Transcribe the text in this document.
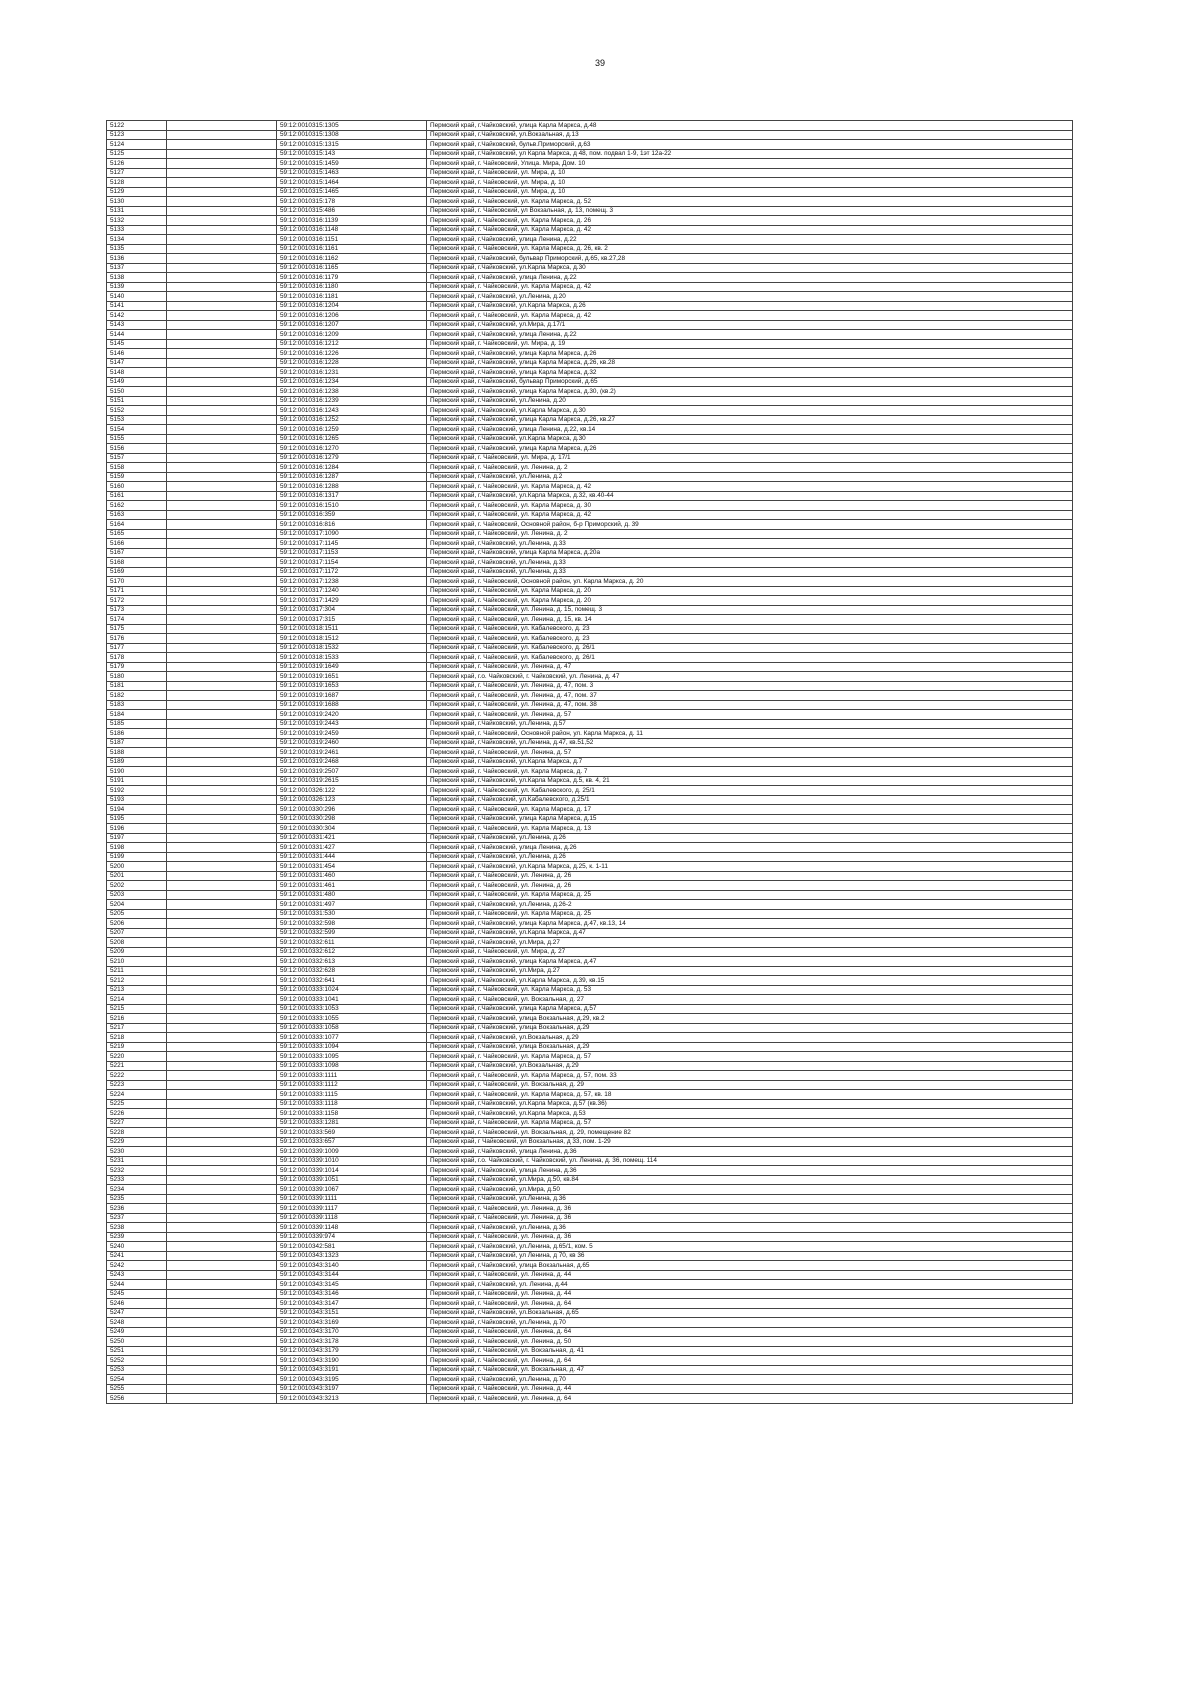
39
5122		59:12:0010315:1305	Пермский край, г.Чайковский, улица Карла Маркса, д.48
5123		59:12:0010315:1308	Пермский край, г.Чайковский, ул.Вокзальная, д.13
5124		59:12:0010315:1315	Пермский край, г.Чайковский, бульв.Приморский, д.63
5125		59:12:0010315:143	Пермский край, г.Чайковский, ул Карла Маркса, д 48, пом. подвал 1-9, 1эт 12а-22
5126		59:12:0010315:1459	Пермский край, г. Чайковский, Улица. Мира, Дом. 10
5127		59:12:0010315:1463	Пермский край, г. Чайковский, ул. Мира, д. 10
5128		59:12:0010315:1464	Пермский край, г. Чайковский, ул. Мира, д. 10
5129		59:12:0010315:1465	Пермский край, г. Чайковский, ул. Мира, д. 10
5130		59:12:0010315:178	Пермский край, г. Чайковский, ул. Карла Маркса, д. 52
5131		59:12:0010315:486	Пермский край, г. Чайковский, ул Вокзальная, д. 13, помещ. 3
5132		59:12:0010316:1139	Пермский край, г. Чайковский, ул. Карла Маркса, д. 26
5133		59:12:0010316:1148	Пермский край, г. Чайковский, ул. Карла Маркса, д. 42
5134		59:12:0010316:1151	Пермский край, г.Чайковский, улица Ленина, д.22
5135		59:12:0010316:1161	Пермский край, г. Чайковский, ул. Карла Маркса, д. 26, кв. 2
5136		59:12:0010316:1162	Пермский край, г.Чайковский, бульвар Приморский, д.65, кв.27,28
5137		59:12:0010316:1165	Пермский край, г.Чайковский, ул.Карла Маркса, д.30
5138		59:12:0010316:1179	Пермский край, г.Чайковский, улица Ленина, д.22
5139		59:12:0010316:1180	Пермский край, г. Чайковский, ул. Карла Маркса, д. 42
5140		59:12:0010316:1181	Пермский край, г.Чайковский, ул.Ленина, д.20
5141		59:12:0010316:1204	Пермский край, г.Чайковский, ул.Карла Маркса, д.26
5142		59:12:0010316:1206	Пермский край, г. Чайковский, ул. Карла Маркса, д. 42
5143		59:12:0010316:1207	Пермский край, г.Чайковский, ул.Мира, д.17/1
5144		59:12:0010316:1209	Пермский край, г.Чайковский, улица Ленина, д.22
5145		59:12:0010316:1212	Пермский край, г. Чайковский, ул. Мира, д. 19
5146		59:12:0010316:1226	Пермский край, г.Чайковский, улица Карла Маркса, д.26
5147		59:12:0010316:1228	Пермский край, г.Чайковский, улица Карла Маркса, д.26, кв.28
5148		59:12:0010316:1231	Пермский край, г.Чайковский, улица Карла Маркса, д.32
5149		59:12:0010316:1234	Пермский край, г.Чайковский, бульвар Приморский, д.65
5150		59:12:0010316:1238	Пермский край, г.Чайковский, улица Карла Маркса, д.30, (кв.2)
5151		59:12:0010316:1239	Пермский край, г.Чайковский, ул.Ленина, д.20
5152		59:12:0010316:1243	Пермский край, г.Чайковский, ул.Карла Маркса, д.30
5153		59:12:0010316:1252	Пермский край, г.Чайковский, улица Карла Маркса, д.26, кв.27
5154		59:12:0010316:1259	Пермский край, г.Чайковский, улица Ленина, д.22, кв.14
5155		59:12:0010316:1265	Пермский край, г.Чайковский, ул.Карла Маркса, д.30
5156		59:12:0010316:1270	Пермский край, г.Чайковский, улица Карла Маркса, д.26
5157		59:12:0010316:1279	Пермский край, г. Чайковский, ул. Мира, д. 17/1
5158		59:12:0010316:1284	Пермский край, г. Чайковский, ул. Ленина, д. 2
5159		59:12:0010316:1287	Пермский край, г.Чайковский, ул.Ленина, д.2
5160		59:12:0010316:1288	Пермский край, г. Чайковский, ул. Карла Маркса, д. 42
5161		59:12:0010316:1317	Пермский край, г.Чайковский, ул.Карла Маркса, д.32, кв.40-44
5162		59:12:0010316:1510	Пермский край, г. Чайковский, ул. Карла Маркса, д. 30
5163		59:12:0010316:359	Пермский край, г. Чайковский, ул. Карла Маркса, д. 42
5164		59:12:0010316:816	Пермский край, г. Чайковский, Основной район, б-р Приморский, д. 39
5165		59:12:0010317:1090	Пермский край, г. Чайковский, ул. Ленина, д. 2
5166		59:12:0010317:1145	Пермский край, г.Чайковский, ул.Ленина, д.33
5167		59:12:0010317:1153	Пермский край, г.Чайковский, улица Карла Маркса, д.20а
5168		59:12:0010317:1154	Пермский край, г.Чайковский, ул.Ленина, д.33
5169		59:12:0010317:1172	Пермский край, г.Чайковский, ул.Ленина, д.33
5170		59:12:0010317:1238	Пермский край, г. Чайковский, Основной район, ул. Карла Маркса, д. 20
5171		59:12:0010317:1240	Пермский край, г. Чайковский, ул. Карла Маркса, д. 20
5172		59:12:0010317:1429	Пермский край, г. Чайковский, ул. Карла Маркса, д. 20
5173		59:12:0010317:304	Пермский край, г. Чайковский, ул. Ленина, д. 15, помещ. 3
5174		59:12:0010317:315	Пермский край, г. Чайковский, ул. Ленина, д. 15, кв. 14
5175		59:12:0010318:1511	Пермский край, г. Чайковский, ул. Кабалевского, д. 23
5176		59:12:0010318:1512	Пермский край, г. Чайковский, ул. Кабалевского, д. 23
5177		59:12:0010318:1532	Пермский край, г. Чайковский, ул. Кабалевского, д. 26/1
5178		59:12:0010318:1533	Пермский край, г. Чайковский, ул. Кабалевского, д. 26/1
5179		59:12:0010319:1649	Пермский край, г. Чайковский, ул. Ленина, д. 47
5180		59:12:0010319:1651	Пермский край, г.о. Чайковский, г. Чайковский, ул. Ленина, д. 47
5181		59:12:0010319:1653	Пермский край, г. Чайковский, ул. Ленина, д. 47, пом. 3
5182		59:12:0010319:1687	Пермский край, г. Чайковский, ул. Ленина, д. 47, пом. 37
5183		59:12:0010319:1688	Пермский край, г. Чайковский, ул. Ленина, д. 47, пом. 38
5184		59:12:0010319:2420	Пермский край, г. Чайковский, ул. Ленина, д. 57
5185		59:12:0010319:2443	Пермский край, г.Чайковский, ул.Ленина, д.57
5186		59:12:0010319:2459	Пермский край, г. Чайковский, Основной район, ул. Карла Маркса, д. 11
5187		59:12:0010319:2460	Пермский край, г.Чайковский, ул.Ленина, д.47, кв.51,52
5188		59:12:0010319:2461	Пермский край, г. Чайковский, ул. Ленина, д. 57
5189		59:12:0010319:2468	Пермский край, г.Чайковский, ул.Карла Маркса, д.7
5190		59:12:0010319:2507	Пермский край, г. Чайковский, ул. Карла Маркса, д. 7
5191		59:12:0010319:2615	Пермский край, г.Чайковский, ул.Карла Маркса, д.5, кв. 4, 21
5192		59:12:0010326:122	Пермский край, г. Чайковский, ул. Кабалевского, д. 25/1
5193		59:12:0010326:123	Пермский край, г.Чайковский, ул.Кабалевского, д.25/1
5194		59:12:0010330:296	Пермский край, г. Чайковский, ул. Карла Маркса, д. 17
5195		59:12:0010330:298	Пермский край, г.Чайковский, улица Карла Маркса, д.15
5196		59:12:0010330:304	Пермский край, г. Чайковский, ул. Карла Маркса, д. 13
5197		59:12:0010331:421	Пермский край, г.Чайковский, ул.Ленина, д.26
5198		59:12:0010331:427	Пермский край, г.Чайковский, улица Ленина, д.26
5199		59:12:0010331:444	Пермский край, г.Чайковский, ул.Ленина, д.26
5200		59:12:0010331:454	Пермский край, г.Чайковский, ул.Карла Маркса, д.25, к. 1-11
5201		59:12:0010331:460	Пермский край, г. Чайковский, ул. Ленина, д. 26
5202		59:12:0010331:461	Пермский край, г. Чайковский, ул. Ленина, д. 26
5203		59:12:0010331:480	Пермский край, г. Чайковский, ул. Карла Маркса, д. 25
5204		59:12:0010331:497	Пермский край, г.Чайковский, ул.Ленина, д.26-2
5205		59:12:0010331:530	Пермский край, г. Чайковский, ул. Карла Маркса, д. 25
5206		59:12:0010332:598	Пермский край, г.Чайковский, улица Карла Маркса, д.47, кв.13, 14
5207		59:12:0010332:599	Пермский край, г.Чайковский, ул.Карла Маркса, д.47
5208		59:12:0010332:611	Пермский край, г.Чайковский, ул.Мира, д.27
5209		59:12:0010332:612	Пермский край, г. Чайковский, ул. Мира, д. 27
5210		59:12:0010332:613	Пермский край, г.Чайковский, улица Карла Маркса, д.47
5211		59:12:0010332:628	Пермский край, г.Чайковский, ул.Мира, д.27
5212		59:12:0010332:641	Пермский край, г.Чайковский, ул.Карла Маркса, д.39, кв.15
5213		59:12:0010333:1024	Пермский край, г. Чайковский, ул. Карла Маркса, д. 53
5214		59:12:0010333:1041	Пермский край, г. Чайковский, ул. Вокзальная, д. 27
5215		59:12:0010333:1053	Пермский край, г.Чайковский, улица Карла Маркса, д.57
5216		59:12:0010333:1055	Пермский край, г.Чайковский, улица Вокзальная, д.29, кв.2
5217		59:12:0010333:1058	Пермский край, г.Чайковский, улица Вокзальная, д.29
5218		59:12:0010333:1077	Пермский край, г.Чайковский, ул.Вокзальная, д.29
5219		59:12:0010333:1094	Пермский край, г.Чайковский, улица Вокзальная, д.29
5220		59:12:0010333:1095	Пермский край, г. Чайковский, ул. Карла Маркса, д. 57
5221		59:12:0010333:1098	Пермский край, г.Чайковский, ул.Вокзальная, д.29
5222		59:12:0010333:1111	Пермский край, г. Чайковский, ул. Карла Маркса, д. 57, пом. 33
5223		59:12:0010333:1112	Пермский край, г. Чайковский, ул. Вокзальная, д. 29
5224		59:12:0010333:1115	Пермский край, г. Чайковский, ул. Карла Маркса, д. 57, кв. 18
5225		59:12:0010333:1118	Пермский край, г.Чайковский, ул.Карла Маркса, д.57 (кв.36)
5226		59:12:0010333:1158	Пермский край, г.Чайковский, ул.Карла Маркса, д.53
5227		59:12:0010333:1281	Пермский край, г. Чайковский, ул. Карла Маркса, д. 57
5228		59:12:0010333:569	Пермский край, г. Чайковский, ул. Вокзальная, д. 29, помещение 82
5229		59:12:0010333:657	Пермский край, г Чайковский, ул Вокзальная, д 33, пом. 1-29
5230		59:12:0010339:1009	Пермский край, г.Чайковский, улица Ленина, д.36
5231		59:12:0010339:1010	Пермский край, г.о. Чайковский, г. Чайковский, ул. Ленина, д. 36, помещ. 114
5232		59:12:0010339:1014	Пермский край, г.Чайковский, улица Ленина, д.36
5233		59:12:0010339:1051	Пермский край, г.Чайковский, ул.Мира, д.50, кв.84
5234		59:12:0010339:1067	Пермский край, г.Чайковский, ул.Мира, д.50
5235		59:12:0010339:1111	Пермский край, г.Чайковский, ул.Ленина, д.36
5236		59:12:0010339:1117	Пермский край, г. Чайковский, ул. Ленина, д. 36
5237		59:12:0010339:1118	Пермский край, г. Чайковский, ул. Ленина, д. 36
5238		59:12:0010339:1148	Пермский край, г.Чайковский, ул.Ленина, д.36
5239		59:12:0010339:974	Пермский край, г. Чайковский, ул. Ленина, д. 36
5240		59:12:0010342:581	Пермский край, г.Чайковский, ул.Ленина, д.65/1, ком. 5
5241		59:12:0010343:1323	Пермский край, г.Чайковский, ул Ленина, д 70, кв 36
5242		59:12:0010343:3140	Пермский край, г.Чайковский, улица Вокзальная, д.65
5243		59:12:0010343:3144	Пермский край, г. Чайковский, ул. Ленина, д. 44
5244		59:12:0010343:3145	Пермский край, г.Чайковский, ул. Ленина, д.44
5245		59:12:0010343:3146	Пермский край, г. Чайковский, ул. Ленина, д. 44
5246		59:12:0010343:3147	Пермский край, г. Чайковский, ул. Ленина, д. 64
5247		59:12:0010343:3151	Пермский край, г.Чайковский, ул.Вокзальная, д.65
5248		59:12:0010343:3169	Пермский край, г.Чайковский, ул.Ленина, д.70
5249		59:12:0010343:3170	Пермский край, г. Чайковский, ул. Ленина, д. 64
5250		59:12:0010343:3178	Пермский край, г. Чайковский, ул. Ленина, д. 50
5251		59:12:0010343:3179	Пермский край, г. Чайковский, ул. Вокзальная, д. 41
5252		59:12:0010343:3190	Пермский край, г. Чайковский, ул. Ленина, д. 64
5253		59:12:0010343:3191	Пермский край, г. Чайковский, ул. Вокзальная, д. 47
5254		59:12:0010343:3195	Пермский край, г.Чайковский, ул.Ленина, д.70
5255		59:12:0010343:3197	Пермский край, г. Чайковский, ул. Ленина, д. 44
5256		59:12:0010343:3213	Пермский край, г. Чайковский, ул. Ленина, д. 64
